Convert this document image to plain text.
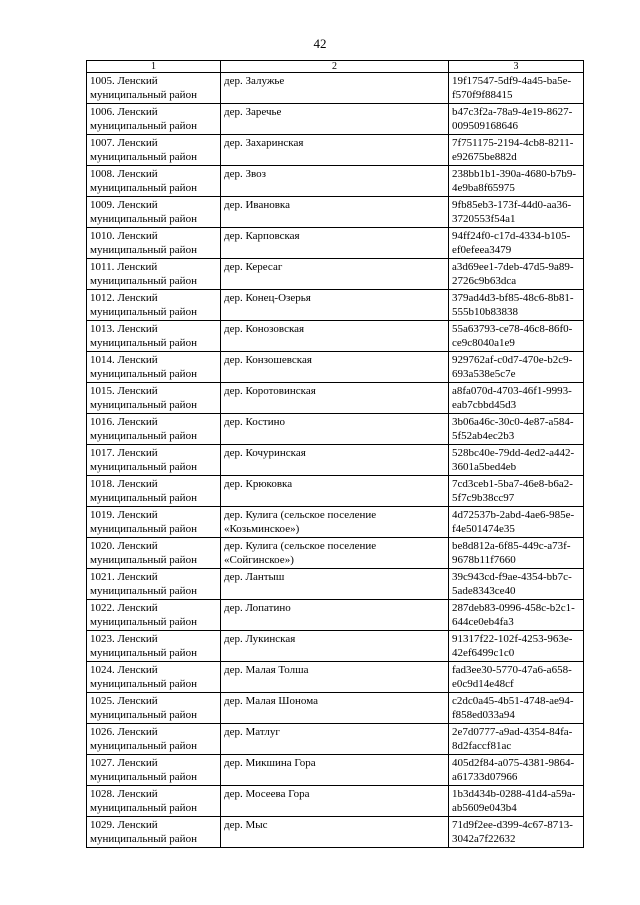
42
1	2	3

1005. Ленский
муниципальный район	дер. Залужье	19f17547-5df9-4a45-ba5e-
f570f9f88415

1006. Ленский
муниципальный район	дер. Заречье	b47c3f2a-78a9-4e19-8627-
009509168646

1007. Ленский
муниципальный район	дер. Захаринская	7f751175-2194-4cb8-8211-
e92675be882d

1008. Ленский
муниципальный район	дер. Звоз	238bb1b1-390a-4680-b7b9-
4e9ba8f65975

1009. Ленский
муниципальный район	дер. Ивановка	9fb85eb3-173f-44d0-aa36-
3720553f54a1

1010. Ленский
муниципальный район	дер. Карповская	94ff24f0-c17d-4334-b105-
ef0efeea3479

1011. Ленский
муниципальный район	дер. Кересаг	a3d69ee1-7deb-47d5-9a89-
2726c9b63dca

1012. Ленский
муниципальный район	дер. Конец-Озерья	379ad4d3-bf85-48c6-8b81-
555b10b83838

1013. Ленский
муниципальный район	дер. Конозовская	55a63793-ce78-46c8-86f0-
ce9c8040a1e9

1014. Ленский
муниципальный район	дер. Конзошевская	929762af-c0d7-470e-b2c9-
693a538e5c7e

1015. Ленский
муниципальный район	дер. Коротовинская	a8fa070d-4703-46f1-9993-
eab7cbbd45d3

1016. Ленский
муниципальный район	дер. Костино	3b06a46c-30c0-4e87-a584-
5f52ab4ec2b3

1017. Ленский
муниципальный район	дер. Кочуринская	528bc40e-79dd-4ed2-a442-
3601a5bed4eb

1018. Ленский
муниципальный район	дер. Крюковка	7cd3ceb1-5ba7-46e8-b6a2-
5f7c9b38cc97

1019. Ленский
муниципальный район	дер. Кулига (сельское поселение
«Козьминское»)	4d72537b-2abd-4ae6-985e-
f4e501474e35

1020. Ленский
муниципальный район	дер. Кулига (сельское поселение
«Сойгинское»)	be8d812a-6f85-449c-a73f-
9678b11f7660

1021. Ленский
муниципальный район	дер. Лантыш	39c943cd-f9ae-4354-bb7c-
5ade8343ce40

1022. Ленский
муниципальный район	дер. Лопатино	287deb83-0996-458c-b2c1-
644ce0eb4fa3

1023. Ленский
муниципальный район	дер. Лукинская	91317f22-102f-4253-963e-
42ef6499c1c0

1024. Ленский
муниципальный район	дер. Малая Толша	fad3ee30-5770-47a6-a658-
e0c9d14e48cf

1025. Ленский
муниципальный район	дер. Малая Шонома	c2dc0a45-4b51-4748-ae94-
f858ed033a94

1026. Ленский
муниципальный район	дер. Матлуг	2e7d0777-a9ad-4354-84fa-
8d2faccf81ac

1027. Ленский
муниципальный район	дер. Микшина Гора	405d2f84-a075-4381-9864-
a61733d07966

1028. Ленский
муниципальный район	дер. Мосеева Гора	1b3d434b-0288-41d4-a59a-
ab5609e043b4

1029. Ленский
муниципальный район	дер. Мыс	71d9f2ee-d399-4c67-8713-
3042a7f22632
